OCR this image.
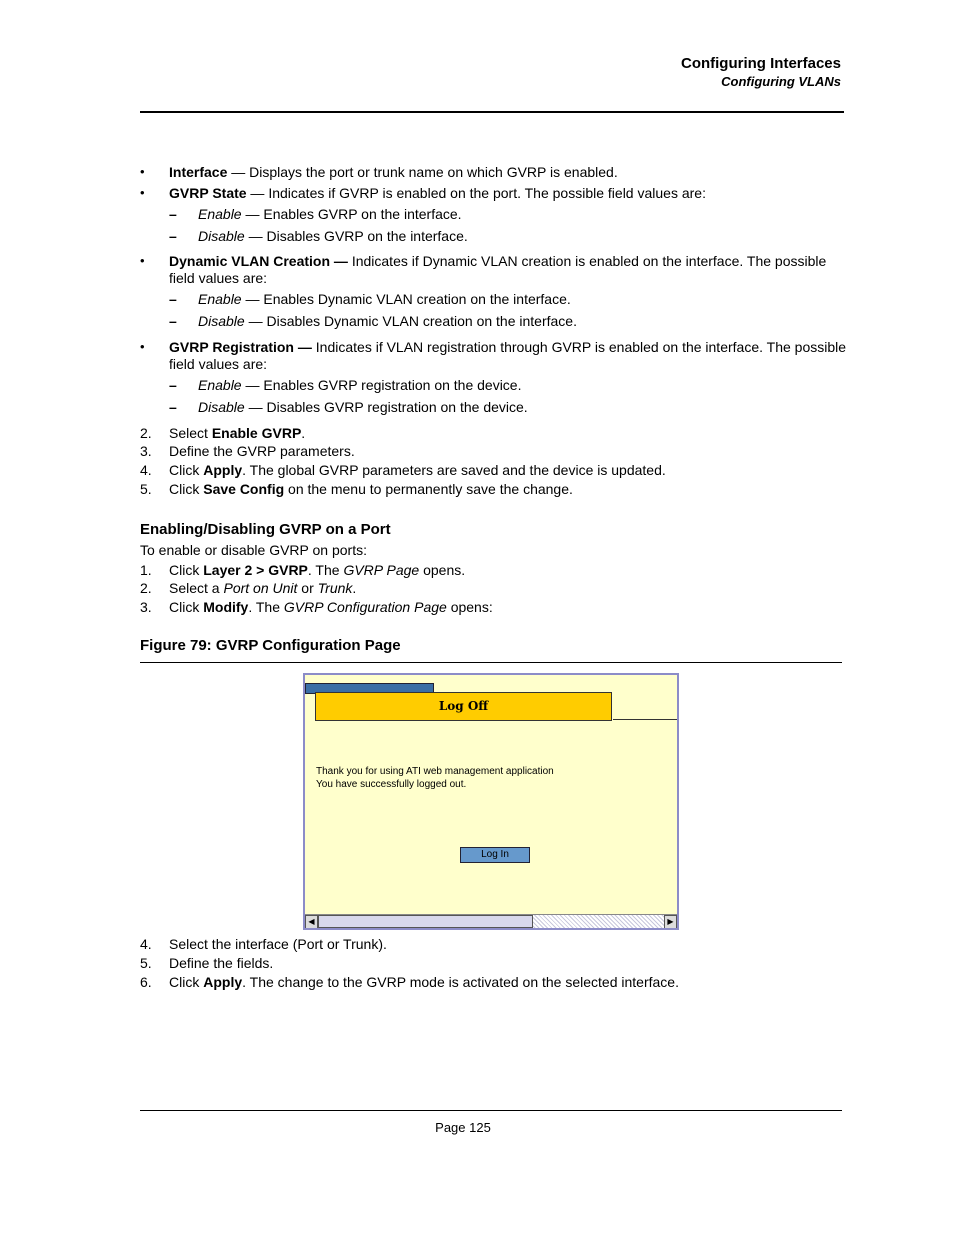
Configuring Interfaces
Configuring VLANs
• Interface — Displays the port or trunk name on which GVRP is enabled.
• GVRP State — Indicates if GVRP is enabled on the port. The possible field values are:
– Enable — Enables GVRP on the interface.
– Disable — Disables GVRP on the interface.
• Dynamic VLAN Creation — Indicates if Dynamic VLAN creation is enabled on the interface. The possible
field values are:
– Enable — Enables Dynamic VLAN creation on the interface.
– Disable — Disables Dynamic VLAN creation on the interface.
• GVRP Registration — Indicates if VLAN registration through GVRP is enabled on the interface. The possible
field values are:
– Enable — Enables GVRP registration on the device.
– Disable — Disables GVRP registration on the device.
2. Select Enable GVRP.
3. Define the GVRP parameters.
4. Click Apply. The global GVRP parameters are saved and the device is updated.
5. Click Save Config on the menu to permanently save the change.
Enabling/Disabling GVRP on a Port
To enable or disable GVRP on ports:
1. Click Layer 2 > GVRP. The GVRP Page opens.
2. Select a Port on Unit or Trunk.
3. Click Modify. The GVRP Configuration Page opens:
Figure 79: GVRP Configuration Page
Log Off
Thank you for using ATI web management application
You have successfully logged out.
Log In
◀	▶
4. Select the interface (Port or Trunk).
5. Define the fields.
6. Click Apply. The change to the GVRP mode is activated on the selected interface.
Page 125
